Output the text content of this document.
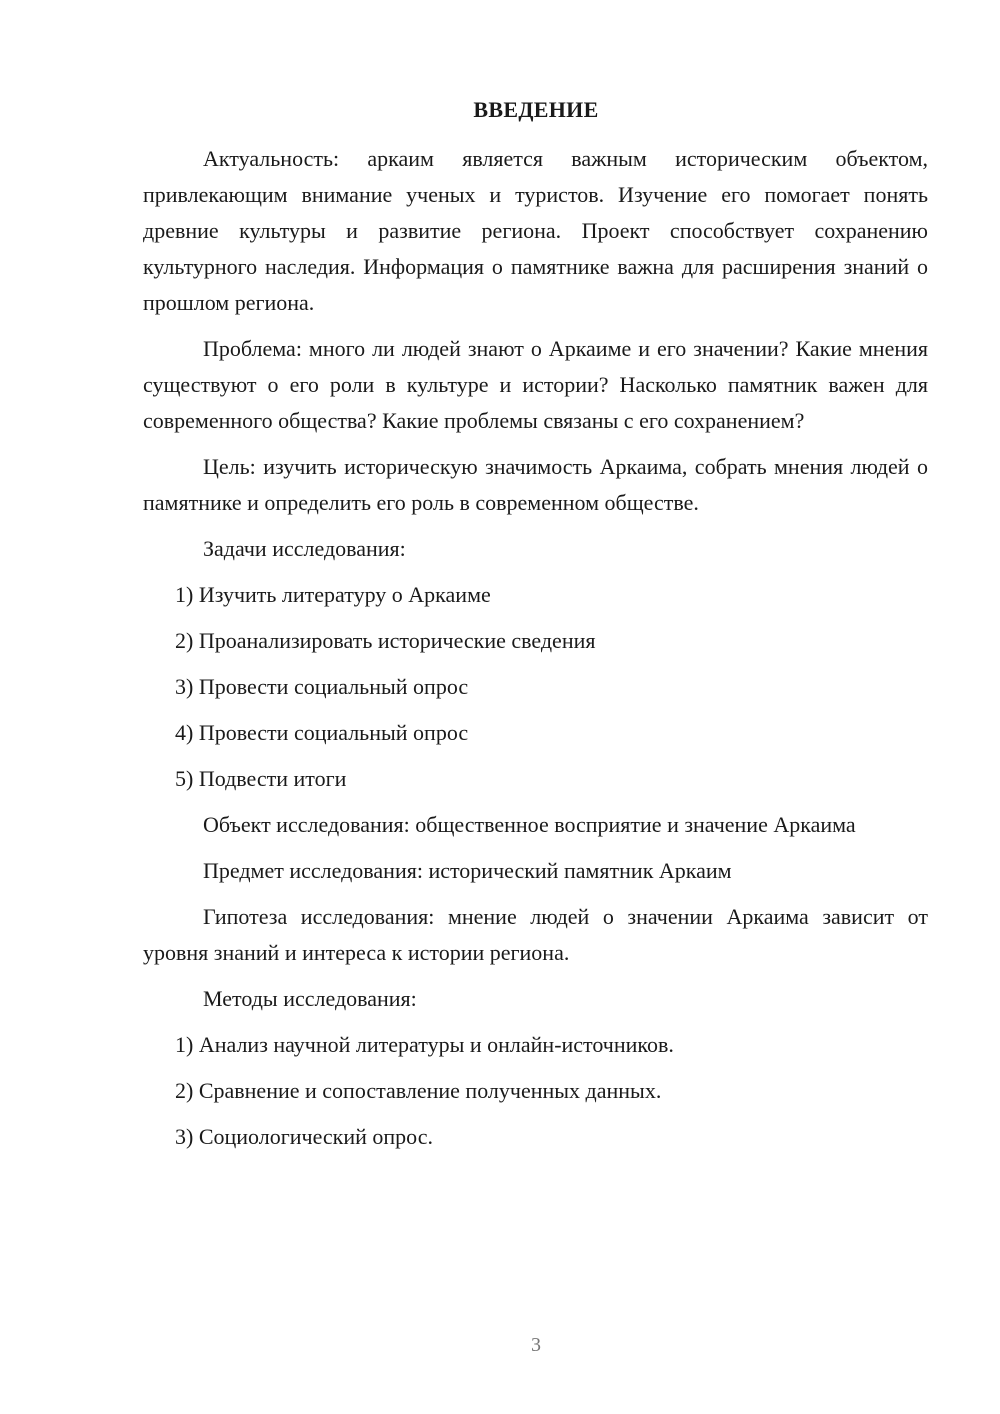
ВВЕДЕНИЕ

Актуальность: аркаим является важным историческим объектом, привлекающим внимание ученых и туристов. Изучение его помогает понять древние культуры и развитие региона. Проект способствует сохранению культурного наследия. Информация о памятнике важна для расширения знаний о прошлом региона.

Проблема: много ли людей знают о Аркаиме и его значении? Какие мнения существуют о его роли в культуре и истории? Насколько памятник важен для современного общества? Какие проблемы связаны с его сохранением?

Цель: изучить историческую значимость Аркаима, собрать мнения людей о памятнике и определить его роль в современном обществе.

Задачи исследования:

1) Изучить литературу о Аркаиме
2) Проанализировать исторические сведения
3) Провести социальный опрос
4) Провести социальный опрос
5) Подвести итоги

Объект исследования: общественное восприятие и значение Аркаима

Предмет исследования: исторический памятник Аркаим

Гипотеза исследования: мнение людей о значении Аркаима зависит от уровня знаний и интереса к истории региона.

Методы исследования:

1) Анализ научной литературы и онлайн-источников.
2) Сравнение и сопоставление полученных данных.
3) Социологический опрос.
3
